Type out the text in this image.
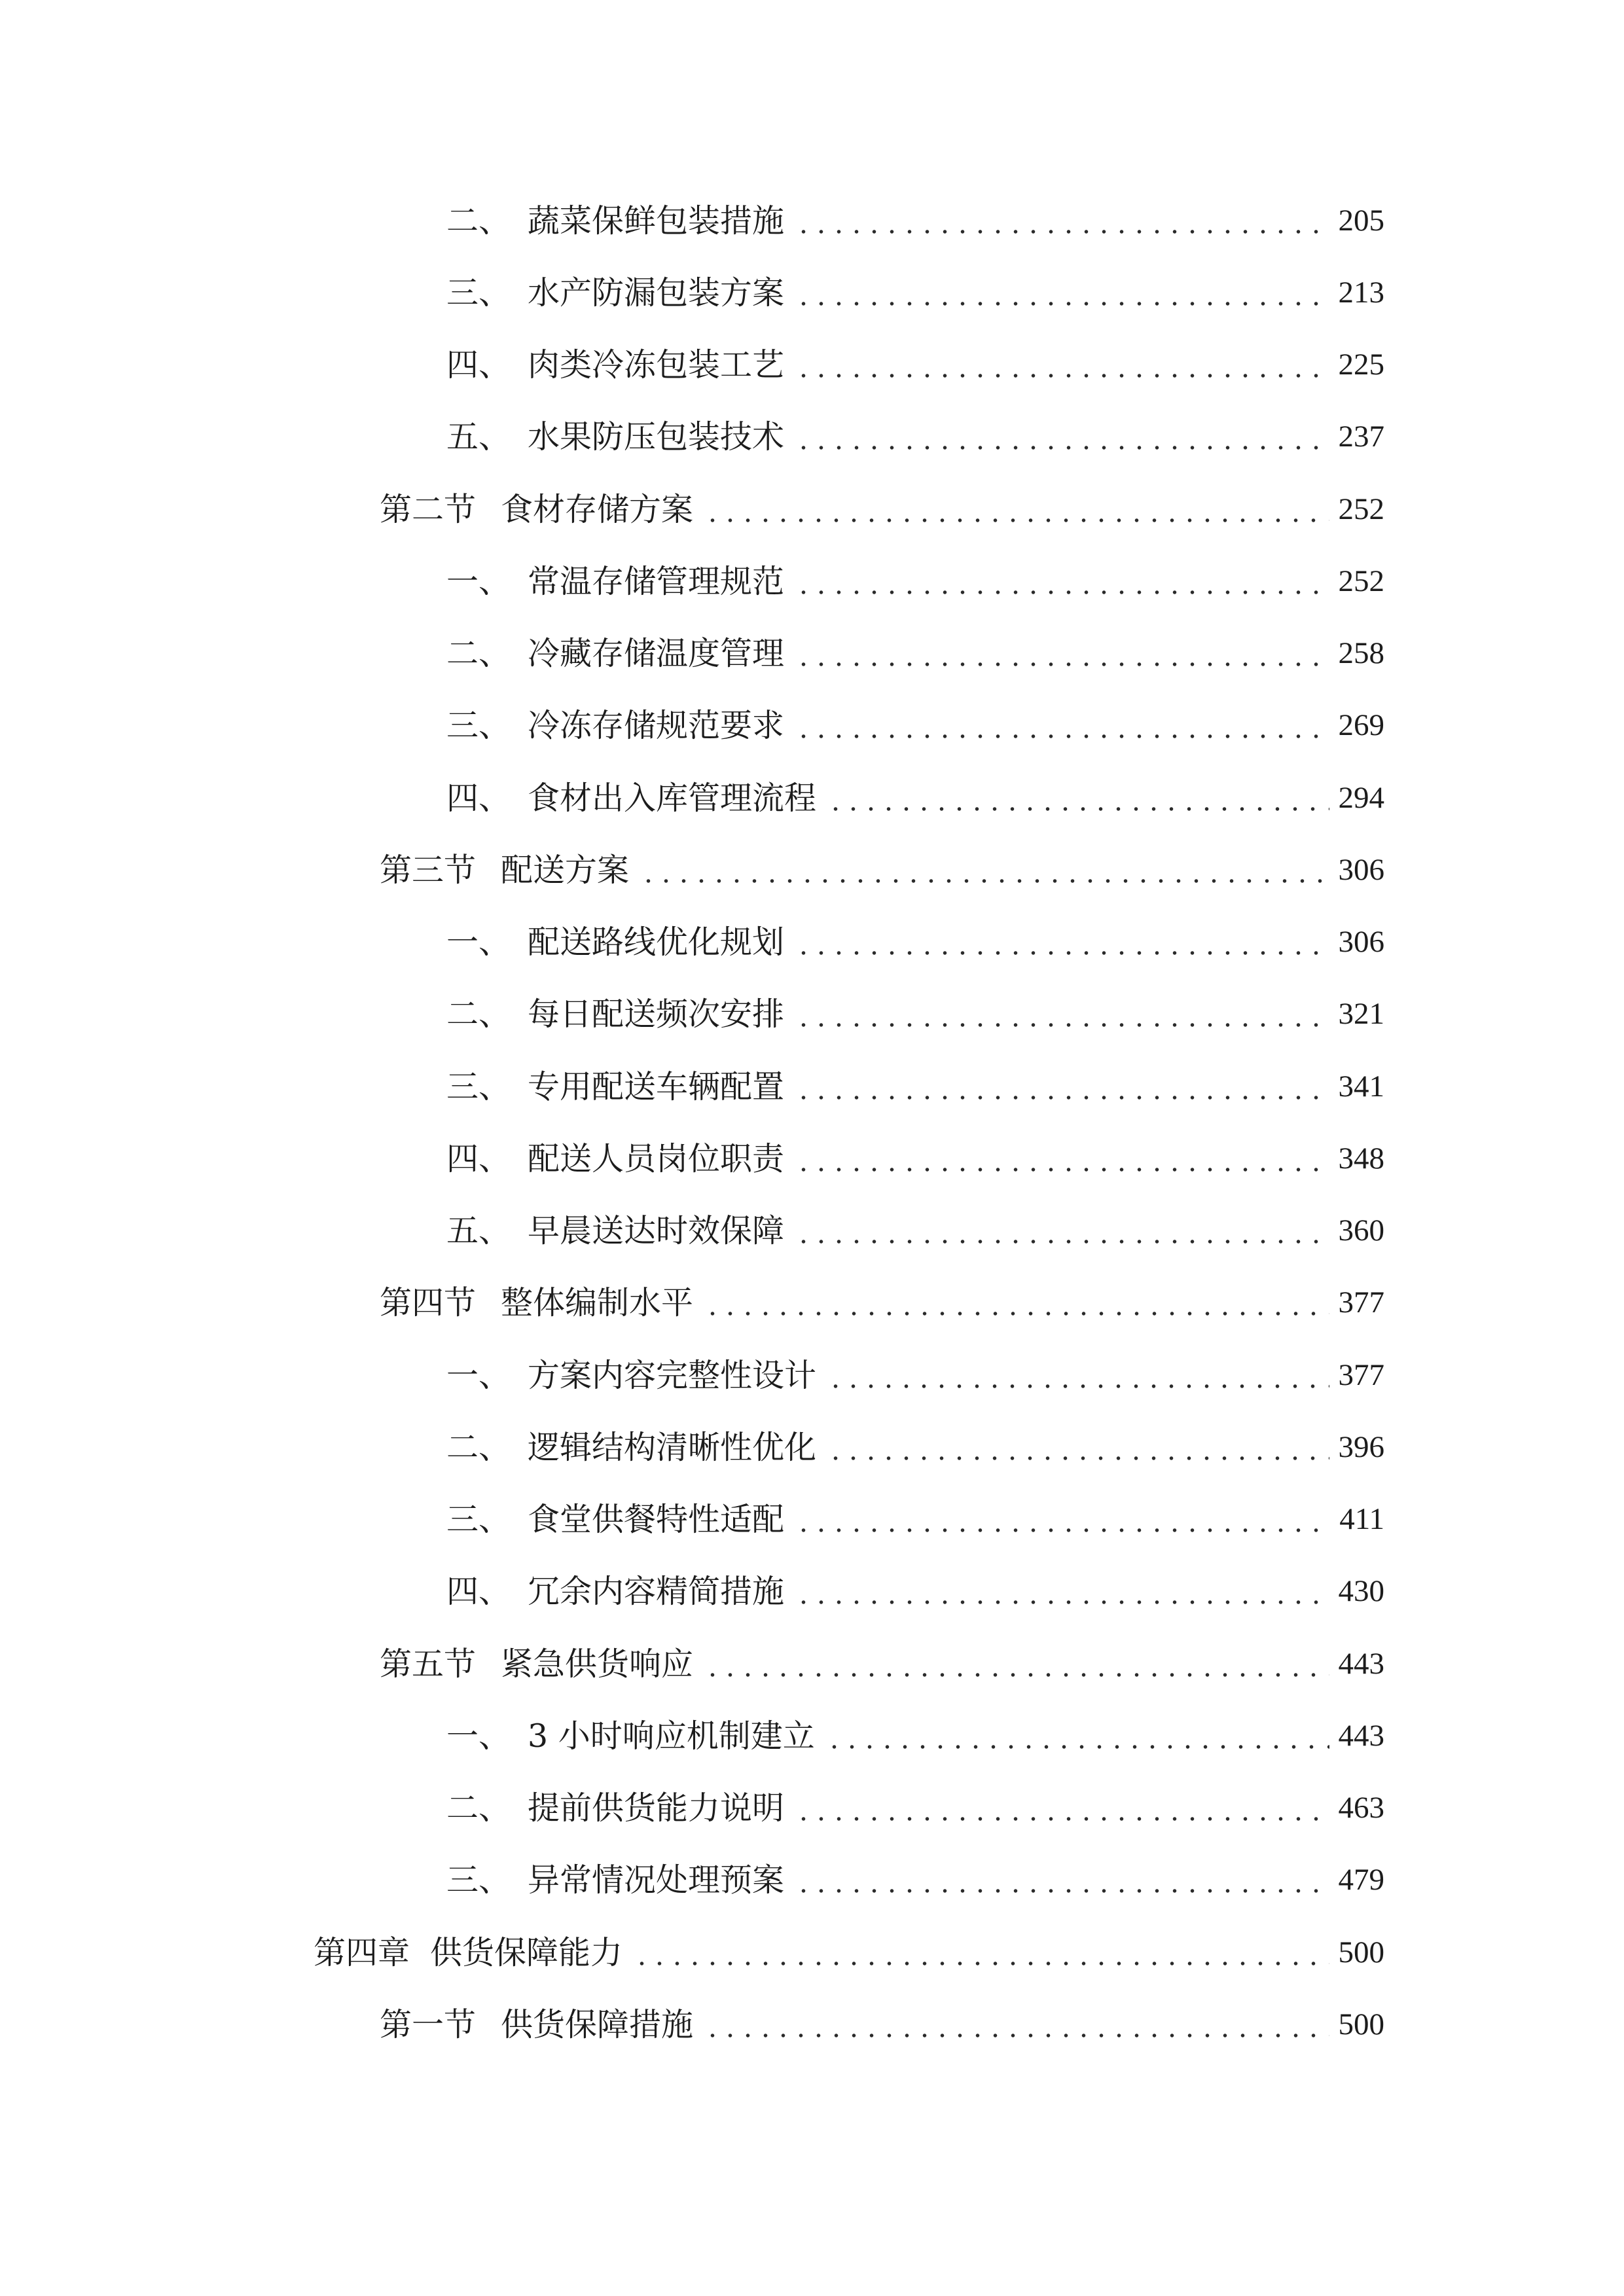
二、 蔬菜保鲜包装措施	205
三、 水产防漏包装方案	213
四、 肉类冷冻包装工艺	225
五、 水果防压包装技术	237
第二节 食材存储方案	252
一、 常温存储管理规范	252
二、 冷藏存储温度管理	258
三、 冷冻存储规范要求	269
四、 食材出入库管理流程	294
第三节 配送方案	306
一、 配送路线优化规划	306
二、 每日配送频次安排	321
三、 专用配送车辆配置	341
四、 配送人员岗位职责	348
五、 早晨送达时效保障	360
第四节 整体编制水平	377
一、 方案内容完整性设计	377
二、 逻辑结构清晰性优化	396
三、 食堂供餐特性适配	411
四、 冗余内容精简措施	430
第五节 紧急供货响应	443
一、 3 小时响应机制建立	443
二、 提前供货能力说明	463
三、 异常情况处理预案	479
第四章 供货保障能力	500
第一节 供货保障措施	500
